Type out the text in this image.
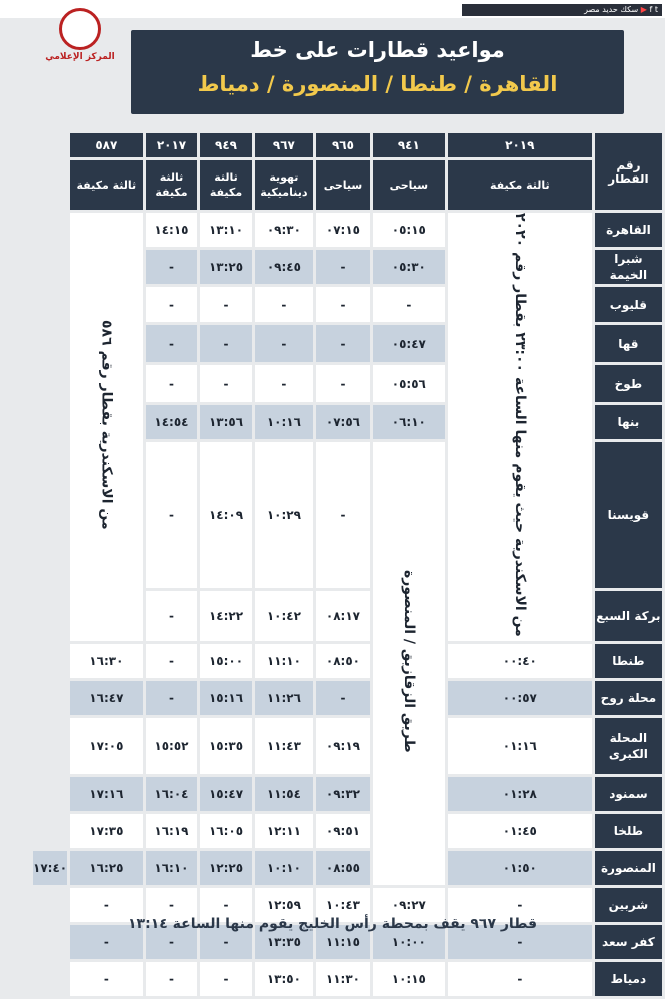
f t ▶ سكك حديد مصر
المركز الإعلامي	مواعيد قطارات على خط
القاهرة / طنطا / المنصورة / دمياط
رقم القطار	٢٠١٩	٩٤١	٩٦٥	٩٦٧	٩٤٩	٢٠١٧	٥٨٧	
	ثالثة مكيفة	سياحى	سياحى	تهوية ديناميكية	ثالثة مكيفة	ثالثة مكيفة	ثالثة مكيفة	
القاهرة	من الاسكندرية حيث يقوم منها الساعة ٢٣:٠٠ بقطار رقم ٢٠٢٠	٠٥:١٥	٠٧:١٥	٠٩:٣٠	١٣:١٠	١٤:١٥	من الاسكندرية بقطار رقم ٥٨٦	
شبرا الخيمة		٠٥:٣٠	-	٠٩:٤٥	١٣:٢٥	-		
قليوب		-	-	-	-	-		
قها		٠٥:٤٧	-	-	-	-		
طوخ		٠٥:٥٦	-	-	-	-		
بنها		٠٦:١٠	٠٧:٥٦	١٠:١٦	١٣:٥٦	١٤:٥٤		
قويسنا		طريق الزقازيق / المنصورة	-	١٠:٢٩	١٤:٠٩	-		
بركة السبع			٠٨:١٧	١٠:٤٢	١٤:٢٢	-		
طنطا	٠٠:٤٠		٠٨:٥٠	١١:١٠	١٥:٠٠	-	١٦:٣٠	
محلة روح	٠٠:٥٧		-	١١:٢٦	١٥:١٦	-	١٦:٤٧	
المحلة الكبرى	٠١:١٦		٠٩:١٩	١١:٤٣	١٥:٣٥	١٥:٥٢	١٧:٠٥	
سمنود	٠١:٢٨		٠٩:٣٢	١١:٥٤	١٥:٤٧	١٦:٠٤	١٧:١٦	
طلخا	٠١:٤٥		٠٩:٥١	١٢:١١	١٦:٠٥	١٦:١٩	١٧:٣٥	
المنصورة	٠١:٥٠		٠٨:٥٥	١٠:١٠	١٢:٢٥	١٦:١٠	١٦:٢٥	١٧:٤٠
شربين	-	٠٩:٢٧	١٠:٤٣	١٢:٥٩	-	-	-	
كفر سعد	-	١٠:٠٠	١١:١٥	١٣:٣٥	-	-	-	
دمياط	-	١٠:١٥	١١:٣٠	١٣:٥٠	-	-	-	
قطار ٩٦٧ يقف بمحطة رأس الخليج يقوم منها الساعة ١٣:١٤
